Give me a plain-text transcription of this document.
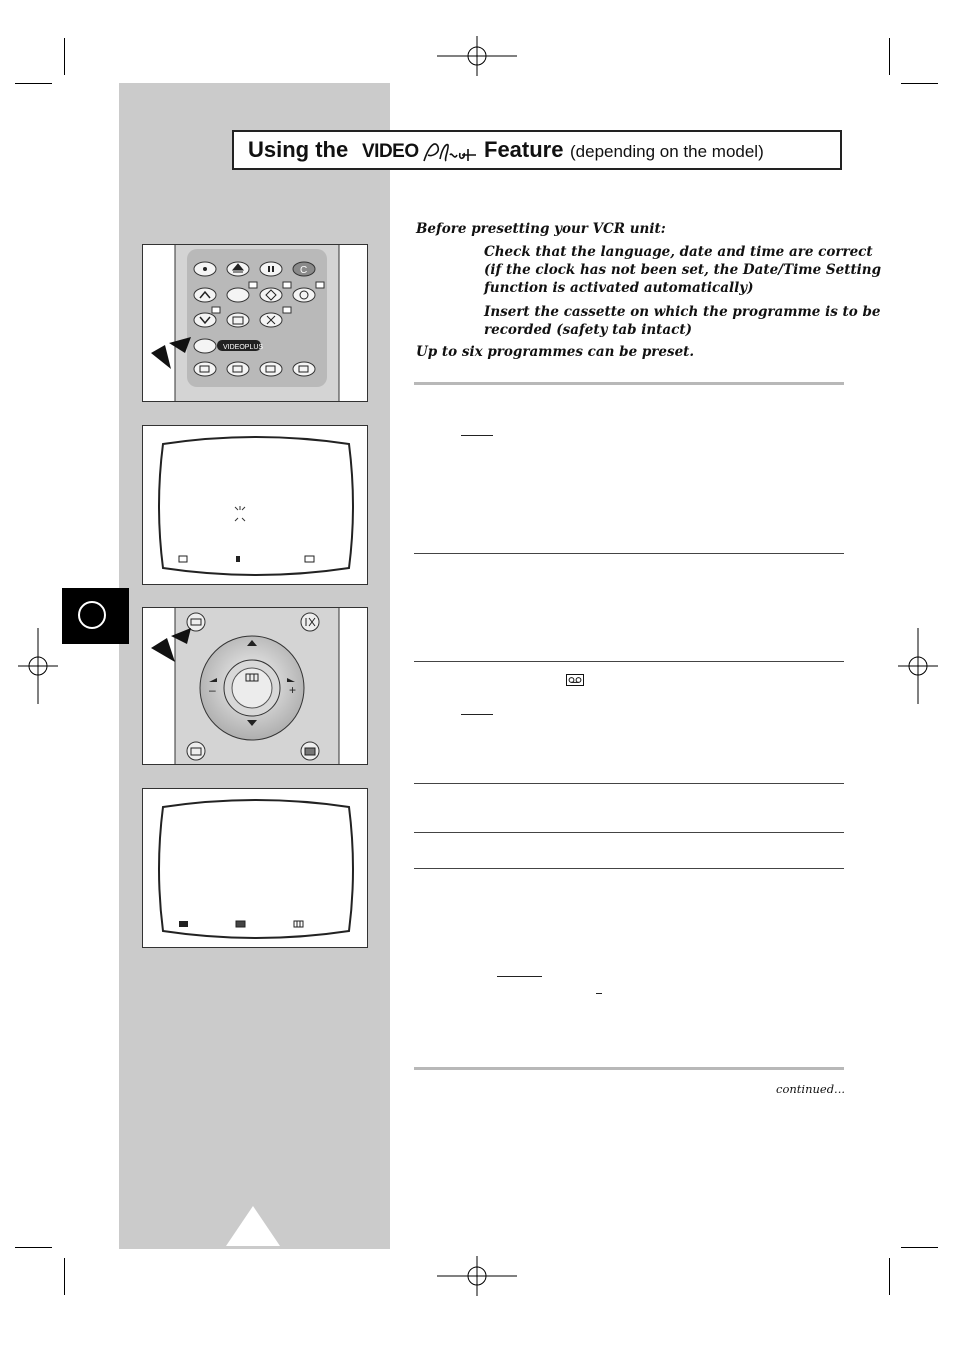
Using the VIDEO	Feature (depending on the model)
Before presetting your VCR unit:
Check that the language, date and time are correct
(if the clock has not been set, the Date/Time Setting
function is activated automatically)
Insert the cassette on which the programme is to be
recorded (safety tab intact)
Up to six programmes can be preset.
continued...
C
VIDEOPLUS
–	+
